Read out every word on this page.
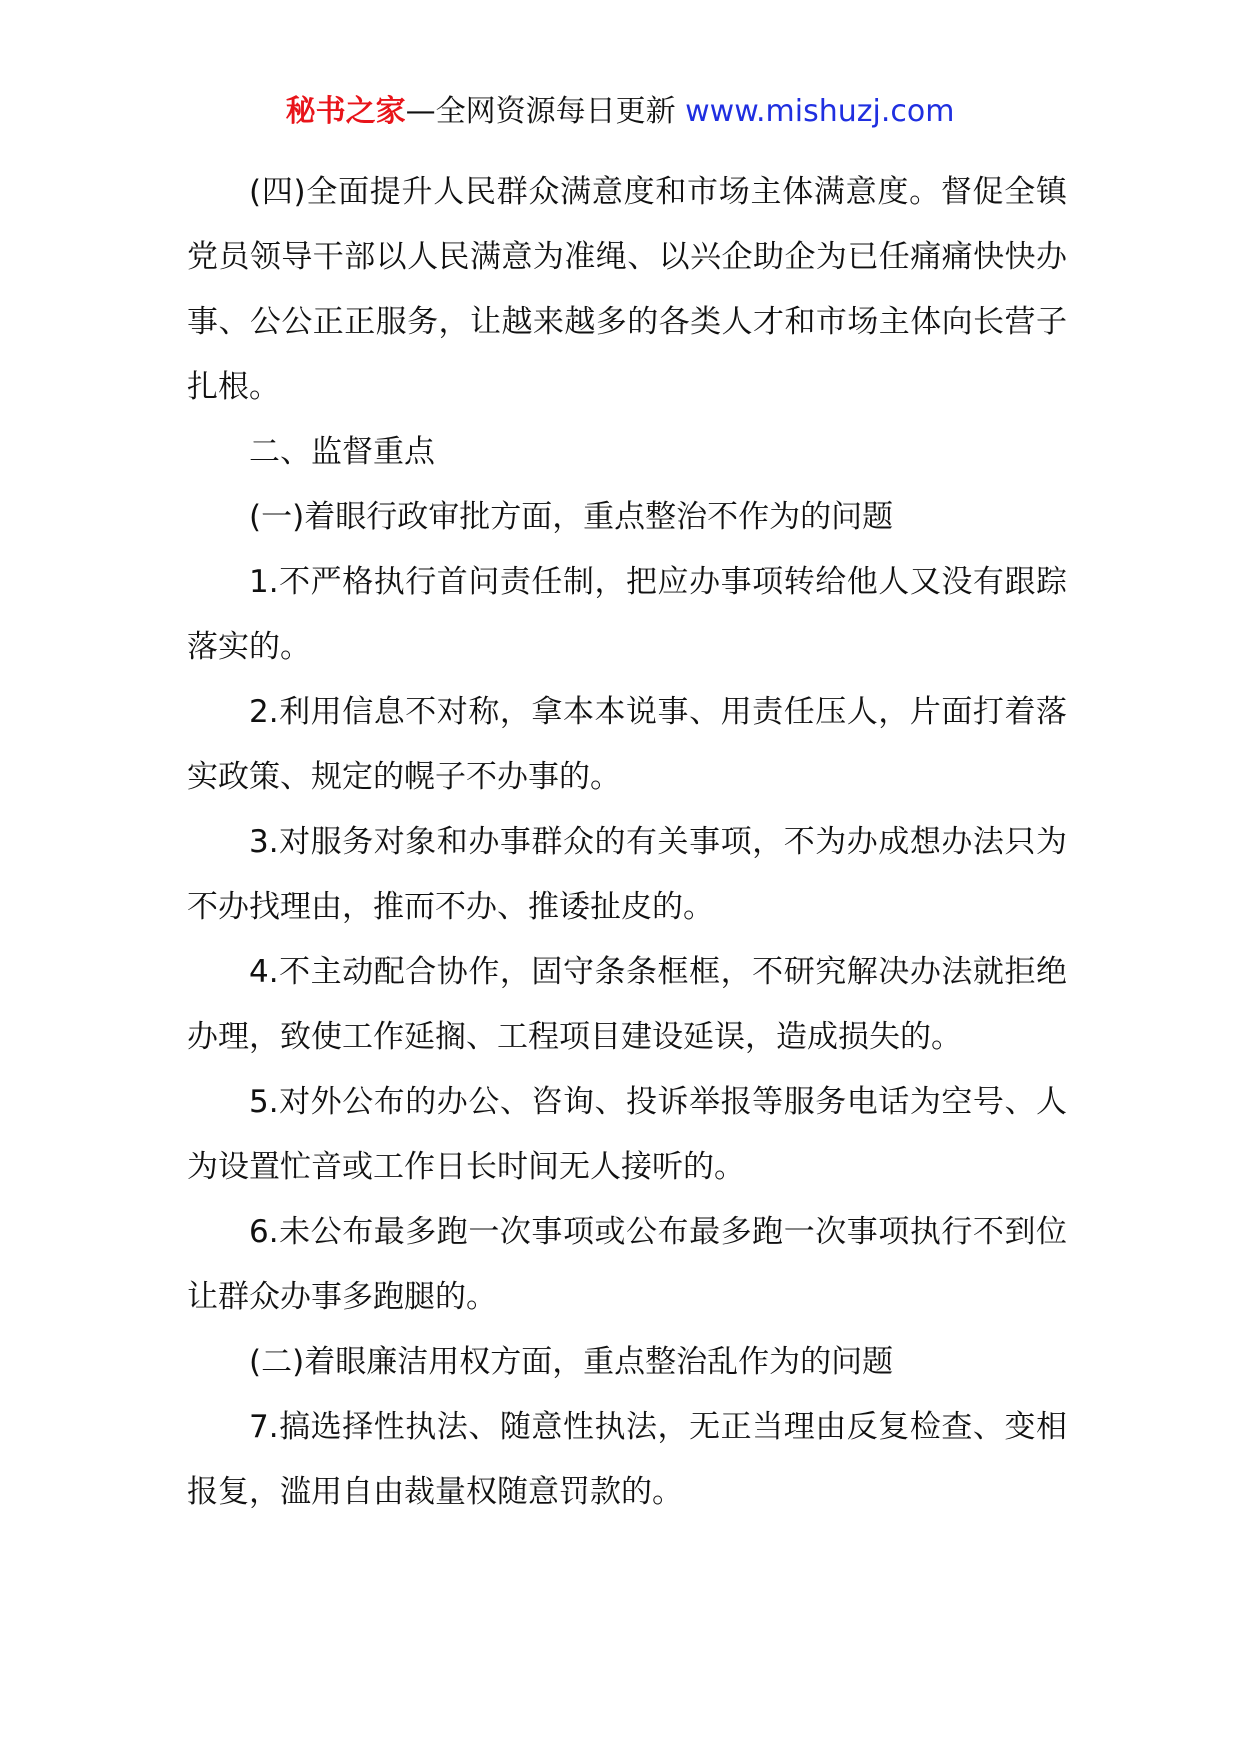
秘书之家—全网资源每日更新 www.mishuzj.com

(四)全面提升人民群众满意度和市场主体满意度。督促全镇党员领导干部以人民满意为准绳、以兴企助企为已任痛痛快快办事、公公正正服务，让越来越多的各类人才和市场主体向长营子扎根。

二、监督重点

(一)着眼行政审批方面，重点整治不作为的问题

1.不严格执行首问责任制，把应办事项转给他人又没有跟踪落实的。

2.利用信息不对称，拿本本说事、用责任压人，片面打着落实政策、规定的幌子不办事的。

3.对服务对象和办事群众的有关事项，不为办成想办法只为不办找理由，推而不办、推诿扯皮的。

4.不主动配合协作，固守条条框框，不研究解决办法就拒绝办理，致使工作延搁、工程项目建设延误，造成损失的。

5.对外公布的办公、咨询、投诉举报等服务电话为空号、人为设置忙音或工作日长时间无人接听的。

6.未公布最多跑一次事项或公布最多跑一次事项执行不到位让群众办事多跑腿的。

(二)着眼廉洁用权方面，重点整治乱作为的问题

7.搞选择性执法、随意性执法，无正当理由反复检查、变相报复，滥用自由裁量权随意罚款的。
